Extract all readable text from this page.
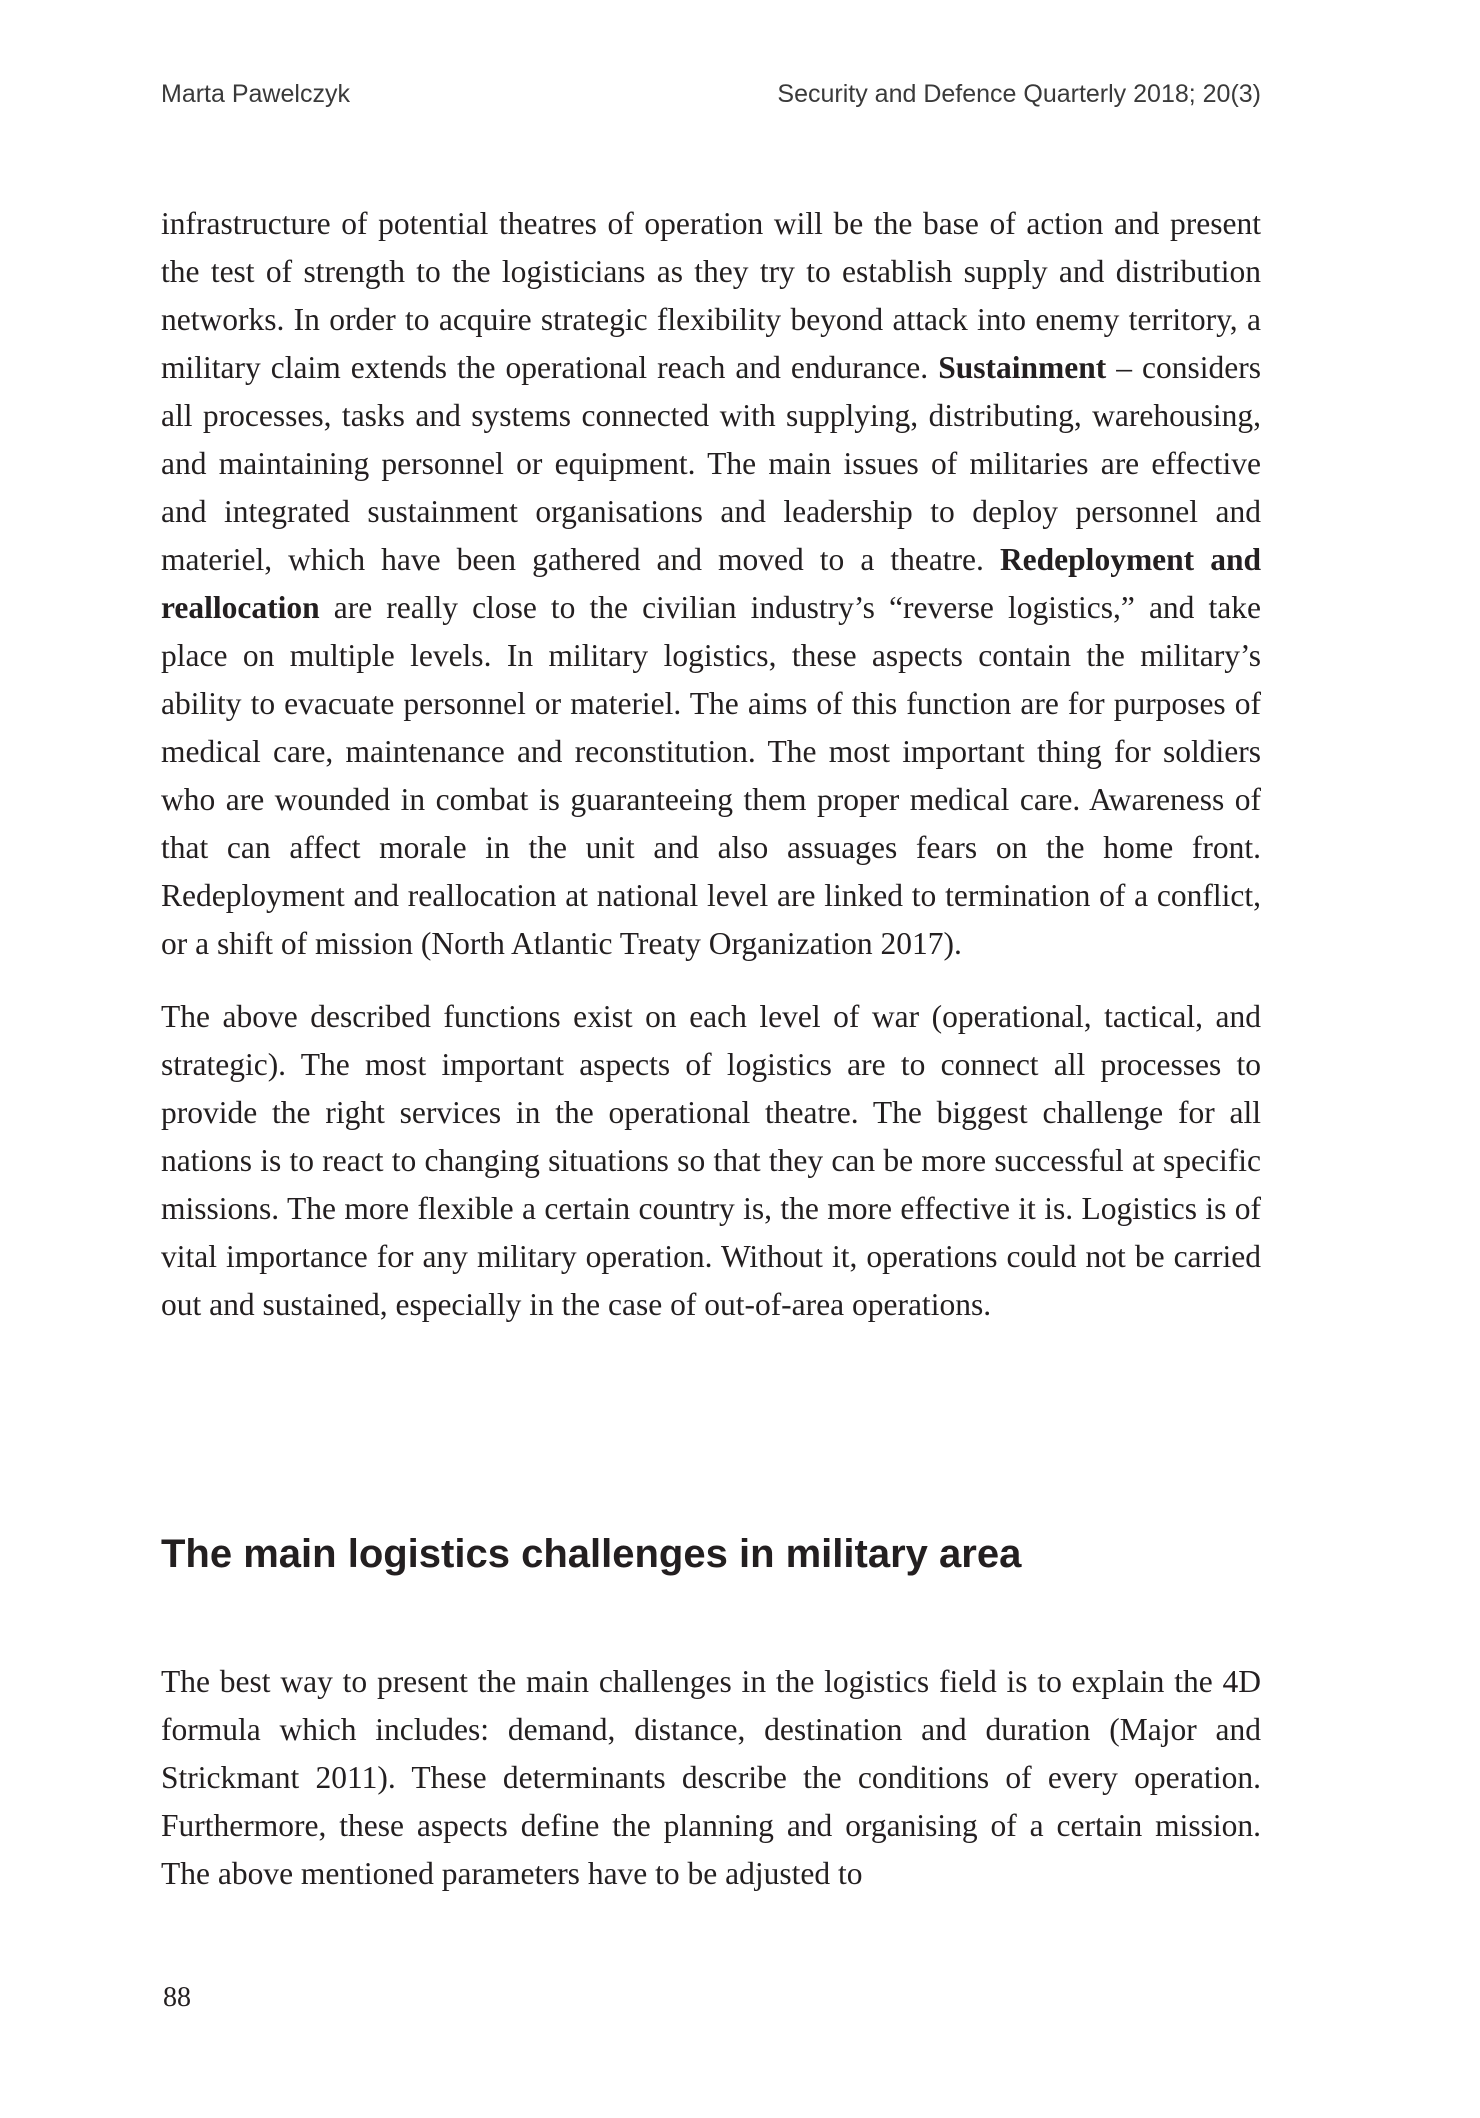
Marta Pawelczyk	Security and Defence Quarterly 2018; 20(3)

infrastructure of potential theatres of operation will be the base of action and present the test of strength to the logisticians as they try to establish supply and distribution networks. In order to acquire strategic flexibility beyond attack into enemy territory, a military claim extends the operational reach and endurance. Sustainment – considers all processes, tasks and systems connected with supplying, distributing, warehousing, and maintaining personnel or equipment. The main issues of militaries are effective and integrated sustainment organisations and leadership to deploy personnel and materiel, which have been gathered and moved to a theatre. Redeployment and reallocation are really close to the civilian industry’s “reverse logistics,” and take place on multiple levels. In military logistics, these aspects contain the military’s ability to evacuate personnel or materiel. The aims of this function are for purposes of medical care, maintenance and reconstitution. The most important thing for soldiers who are wounded in combat is guaranteeing them proper medical care. Awareness of that can affect morale in the unit and also assuages fears on the home front. Redeployment and reallocation at national level are linked to termination of a conflict, or a shift of mission (North Atlantic Treaty Organization 2017).

The above described functions exist on each level of war (operational, tactical, and strategic). The most important aspects of logistics are to connect all processes to provide the right services in the operational theatre. The biggest challenge for all nations is to react to changing situations so that they can be more successful at specific missions. The more flexible a certain country is, the more effective it is. Logistics is of vital importance for any military operation. Without it, operations could not be carried out and sustained, especially in the case of out-of-area operations.

The main logistics challenges in military area

The best way to present the main challenges in the logistics field is to explain the 4D formula which includes: demand, distance, destination and duration (Major and Strickmant 2011). These determinants describe the conditions of every operation. Furthermore, these aspects define the planning and organising of a certain mission. The above mentioned parameters have to be adjusted to

88
